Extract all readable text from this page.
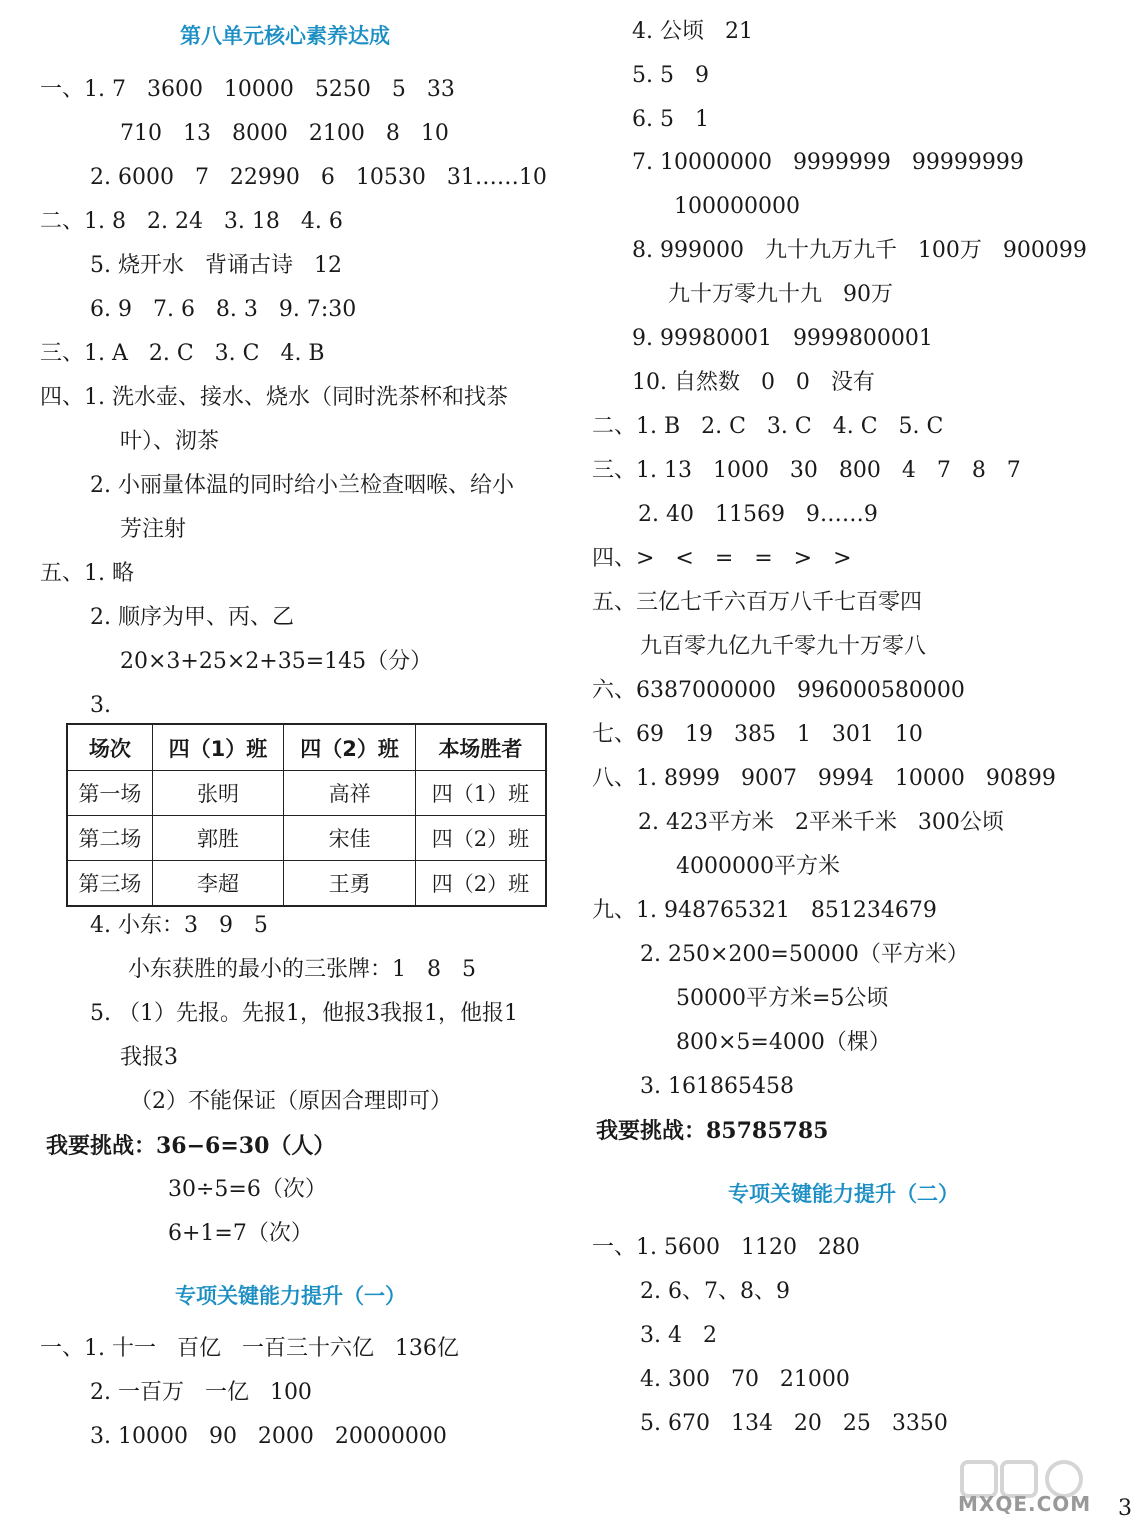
第八单元核心素养达成
一、1. 7   3600   10000   5250   5   33
710   13   8000   2100   8   10
2. 6000   7   22990   6   10530   31……10
二、1. 8   2. 24   3. 18   4. 6
5. 烧开水   背诵古诗   12
6. 9   7. 6   8. 3   9. 7:30
三、1. A   2. C   3. C   4. B
四、1. 洗水壶、接水、烧水（同时洗茶杯和找茶
叶）、沏茶
2. 小丽量体温的同时给小兰检查咽喉、给小
芳注射
五、1. 略
2. 顺序为甲、丙、乙
20×3+25×2+35=145（分）
3.
场次	四（1）班	四（2）班	本场胜者
第一场	张明	高祥	四（1）班
第二场	郭胜	宋佳	四（2）班
第三场	李超	王勇	四（2）班
4. 小东：3   9   5
小东获胜的最小的三张牌：1   8   5
5. （1）先报。先报1，他报3我报1，他报1
我报3
（2）不能保证（原因合理即可）
我要挑战：36−6=30（人）
30÷5=6（次）
6+1=7（次）
专项关键能力提升（一）
一、1. 十一   百亿   一百三十六亿   136亿
2. 一百万   一亿   100
3. 10000   90   2000   20000000
4. 公顷   21
5. 5   9
6. 5   1
7. 10000000   9999999   99999999
100000000
8. 999000   九十九万九千   100万   900099
九十万零九十九   90万
9. 99980001   9999800001
10. 自然数   0   0   没有
二、1. B   2. C   3. C   4. C   5. C
三、1. 13   1000   30   800   4   7   8   7
2. 40   11569   9……9
四、>   <   =   =   >   >
五、三亿七千六百万八千七百零四
九百零九亿九千零九十万零八
六、6387000000   996000580000
七、69   19   385   1   301   10
八、1. 8999   9007   9994   10000   90899
2. 423平方米   2平米千米   300公顷
4000000平方米
九、1. 948765321   851234679
2. 250×200=50000（平方米）
50000平方米=5公顷
800×5=4000（棵）
3. 161865458
我要挑战：85785785
专项关键能力提升（二）
一、1. 5600   1120   280
2. 6、7、8、9
3. 4   2
4. 300   70   21000
5. 670   134   20   25   3350
MXQE.COM 3
